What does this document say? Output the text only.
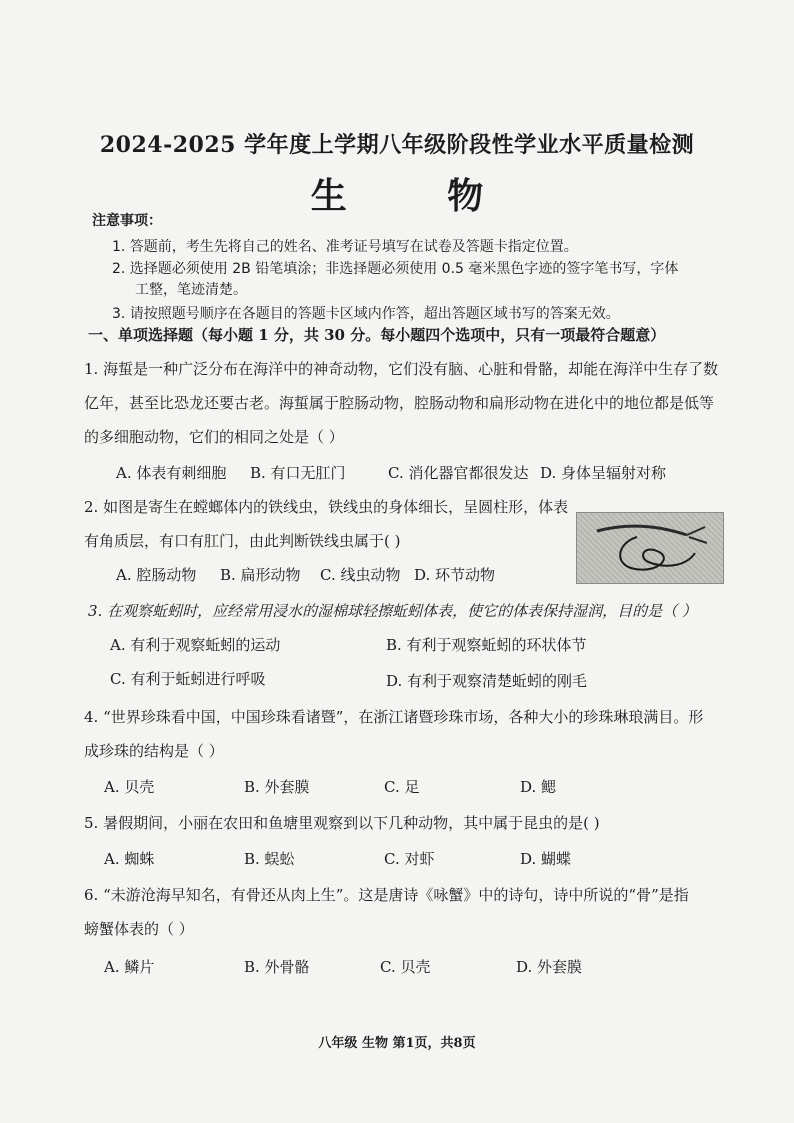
2024-2025 学年度上学期八年级阶段性学业水平质量检测
生 物
注意事项：
1. 答题前，考生先将自己的姓名、准考证号填写在试卷及答题卡指定位置。
2. 选择题必须使用 2B 铅笔填涂；非选择题必须使用 0.5 毫米黑色字迹的签字笔书写，字体
工整，笔迹清楚。
3. 请按照题号顺序在各题目的答题卡区域内作答，超出答题区域书写的答案无效。
一、单项选择题（每小题 1 分，共 30 分。每小题四个选项中，只有一项最符合题意）
1. 海蜇是一种广泛分布在海洋中的神奇动物，它们没有脑、心脏和骨骼，却能在海洋中生存了数
亿年，甚至比恐龙还要古老。海蜇属于腔肠动物，腔肠动物和扁形动物在进化中的地位都是低等
的多细胞动物，它们的相同之处是（ ）
A. 体表有刺细胞 B. 有口无肛门	C. 消化器官都很发达 D. 身体呈辐射对称
2. 如图是寄生在螳螂体内的铁线虫，铁线虫的身体细长，呈圆柱形，体表
有角质层，有口有肛门，由此判断铁线虫属于( )
A. 腔肠动物 B. 扁形动物 C. 线虫动物 D. 环节动物
3. 在观察蚯蚓时，应经常用浸水的湿棉球轻擦蚯蚓体表，使它的体表保持湿润，目的是（ ）
A. 有利于观察蚯蚓的运动	B. 有利于观察蚯蚓的环状体节
C. 有利于蚯蚓进行呼吸	D. 有利于观察清楚蚯蚓的刚毛
4. “世界珍珠看中国，中国珍珠看诸暨”，在浙江诸暨珍珠市场，各种大小的珍珠琳琅满目。形
成珍珠的结构是（ ）
A. 贝壳	B. 外套膜	C. 足	D. 鳃
5. 暑假期间，小丽在农田和鱼塘里观察到以下几种动物，其中属于昆虫的是( )
A. 蜘蛛	B. 蜈蚣	C. 对虾	D. 蝴蝶
6. “未游沧海早知名，有骨还从肉上生”。这是唐诗《咏蟹》中的诗句，诗中所说的“骨”是指
螃蟹体表的（ ）
A. 鳞片	B. 外骨骼	C. 贝壳	D. 外套膜
八年级 生物 第1页，共8页
